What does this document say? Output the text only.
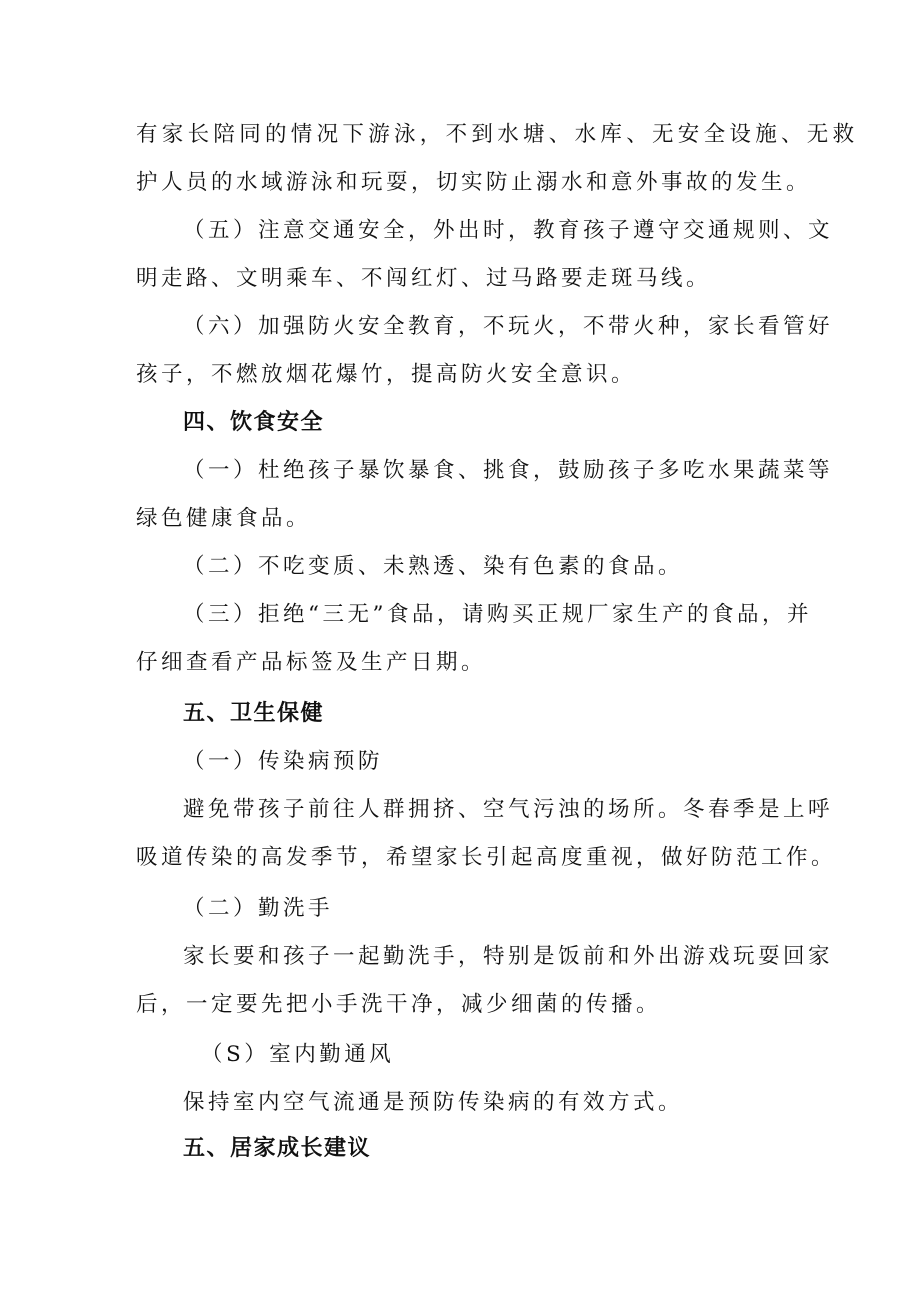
有家长陪同的情况下游泳，不到水塘、水库、无安全设施、无救
护人员的水域游泳和玩耍，切实防止溺水和意外事故的发生。
（五）注意交通安全，外出时，教育孩子遵守交通规则、文
明走路、文明乘车、不闯红灯、过马路要走斑马线。
（六）加强防火安全教育，不玩火，不带火种，家长看管好
孩子，不燃放烟花爆竹，提高防火安全意识。
四、饮食安全
（一）杜绝孩子暴饮暴食、挑食，鼓励孩子多吃水果蔬菜等
绿色健康食品。
（二）不吃变质、未熟透、染有色素的食品。
（三）拒绝“三无”食品，请购买正规厂家生产的食品，并
仔细查看产品标签及生产日期。
五、卫生保健
（一）传染病预防
避免带孩子前往人群拥挤、空气污浊的场所。冬春季是上呼
吸道传染的高发季节，希望家长引起高度重视，做好防范工作。
（二）勤洗手
家长要和孩子一起勤洗手，特别是饭前和外出游戏玩耍回家
后，一定要先把小手洗干净，减少细菌的传播。
（S）室内勤通风
保持室内空气流通是预防传染病的有效方式。
五、居家成长建议
